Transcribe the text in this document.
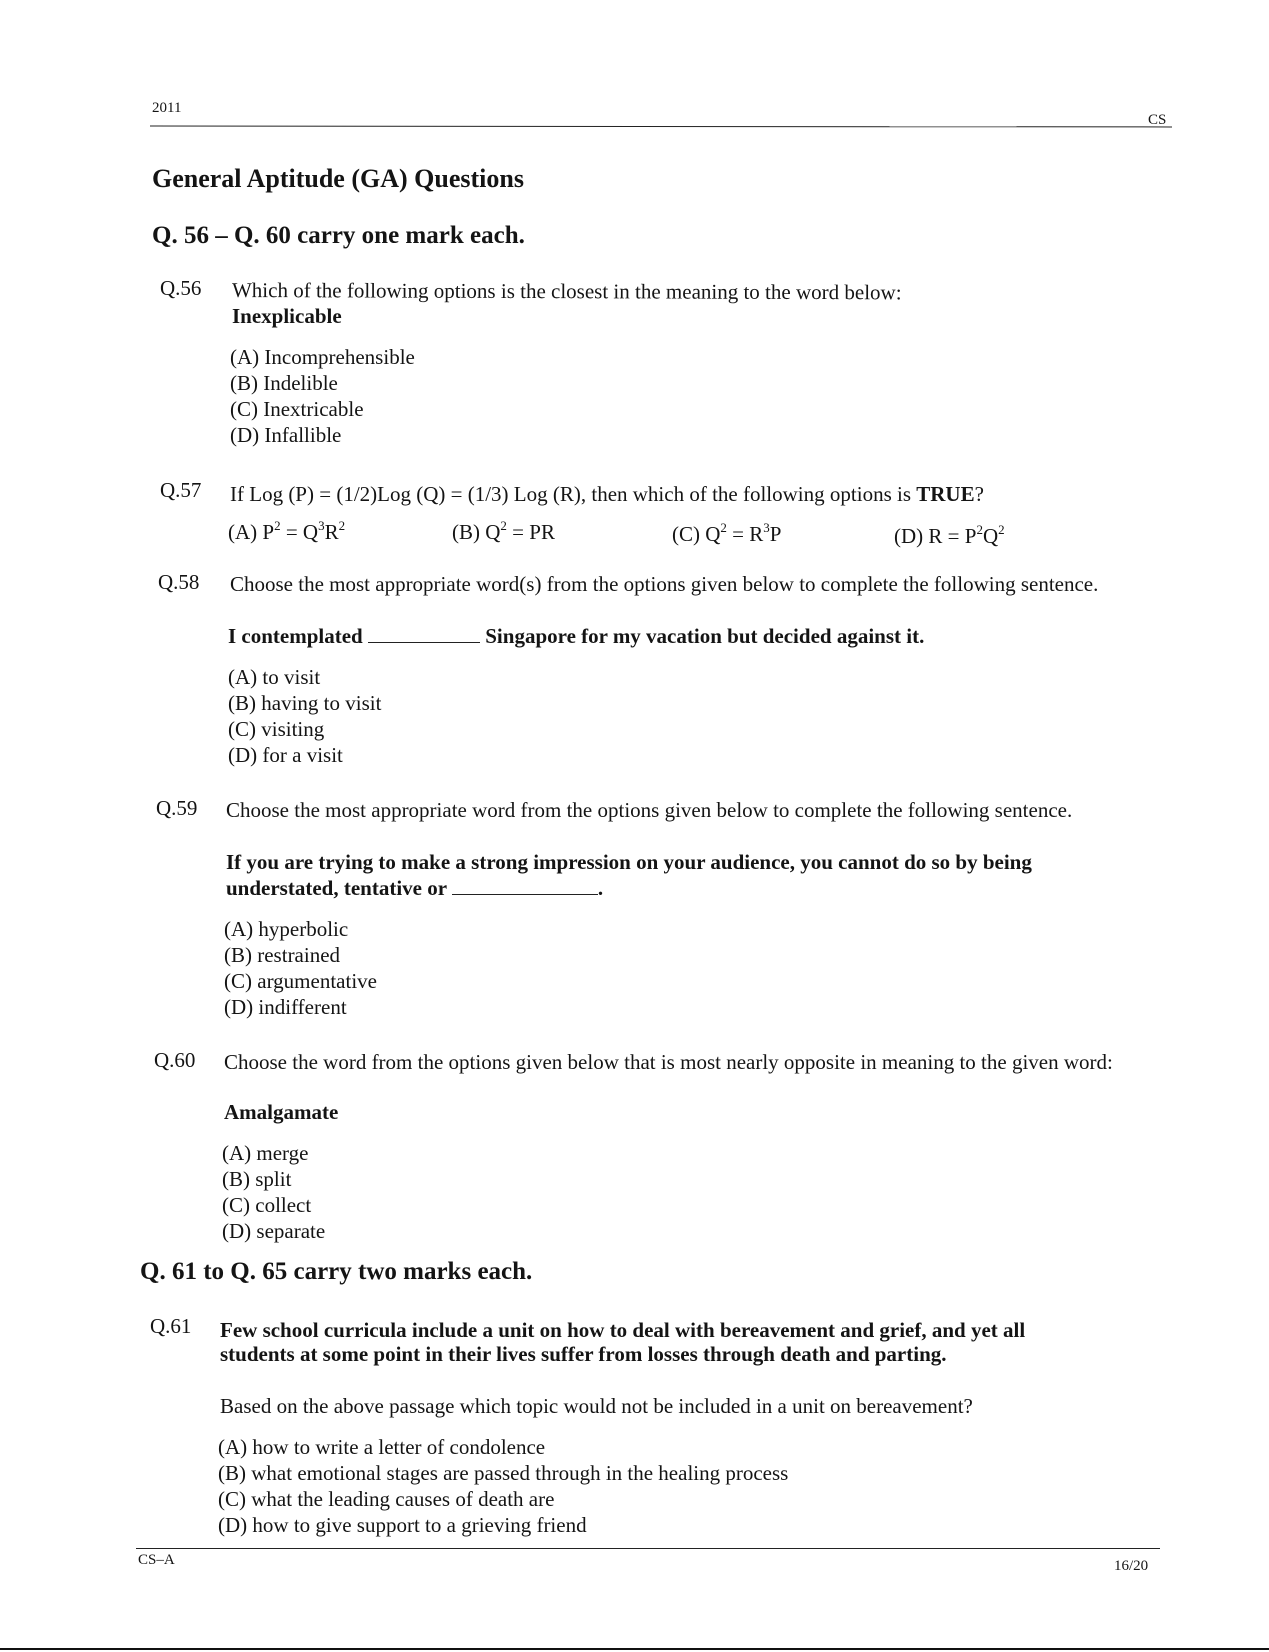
2011
CS
General Aptitude (GA) Questions
Q. 56 – Q. 60 carry one mark each.
Q.56 Which of the following options is the closest in the meaning to the word below:
Inexplicable
(A) Incomprehensible
(B) Indelible
(C) Inextricable
(D) Infallible
Q.57 If Log (P) = (1/2)Log (Q) = (1/3) Log (R), then which of the following options is TRUE?
(A) $P^2 = Q^3R^2$	(B) $Q^2$ = PR	(C) $Q^2 = R^3P$	(D) $R = P^2Q^2$
Q.58 Choose the most appropriate word(s) from the options given below to complete the following sentence.
I contemplated	Singapore for my vacation but decided against it.
(A) to visit
(B) having to visit
(C) visiting
(D) for a visit
Q.59 Choose the most appropriate word from the options given below to complete the following sentence.
If you are trying to make a strong impression on your audience, you cannot do so by being
understated, tentative or	.
(A) hyperbolic
(B) restrained
(C) argumentative
(D) indifferent
Q.60 Choose the word from the options given below that is most nearly opposite in meaning to the given word:
Amalgamate
(A) merge
(B) split
(C) collect
(D) separate
Q. 61 to Q. 65 carry two marks each.
Q.61 Few school curricula include a unit on how to deal with bereavement and grief, and yet all
students at some point in their lives suffer from losses through death and parting.
Based on the above passage which topic would not be included in a unit on bereavement?
(A) how to write a letter of condolence
(B) what emotional stages are passed through in the healing process
(C) what the leading causes of death are
(D) how to give support to a grieving friend
CS–A	16/20
